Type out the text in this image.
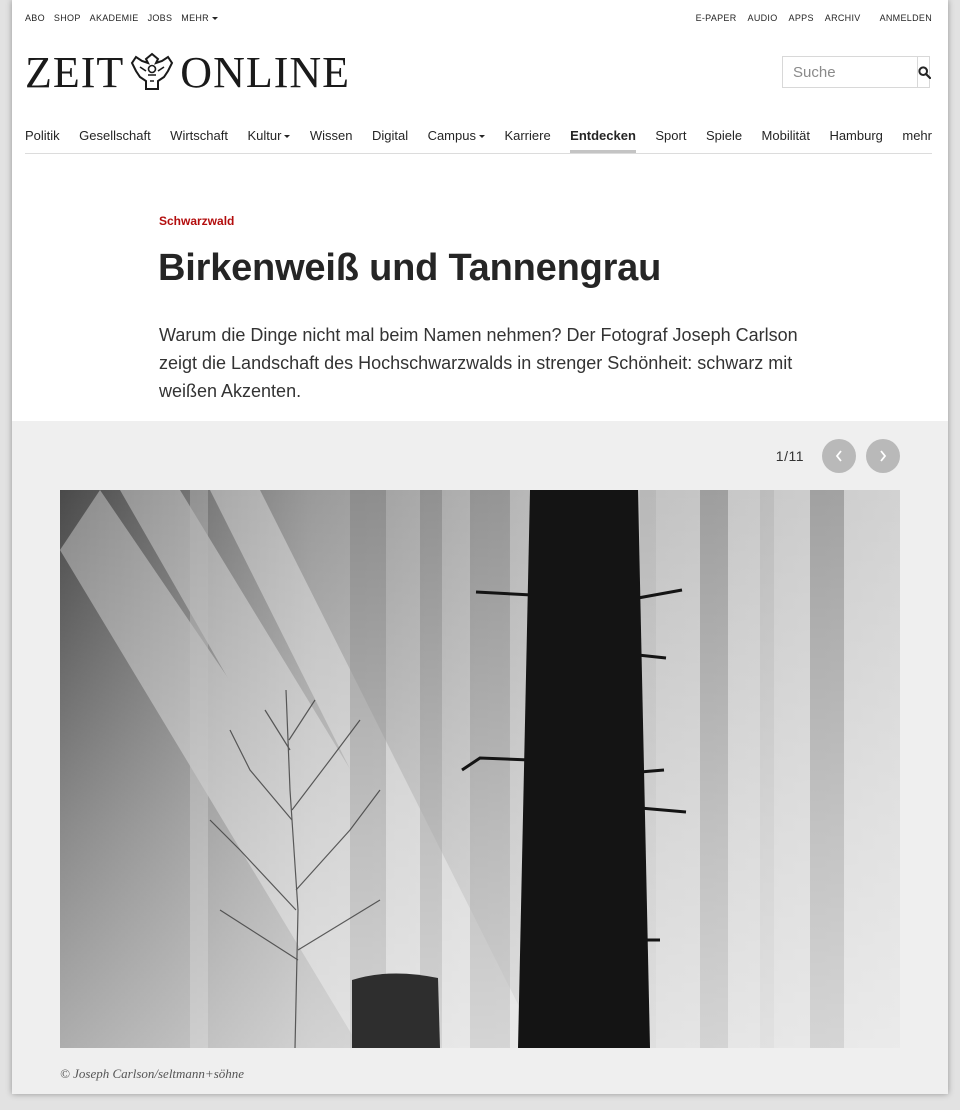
ABO SHOP AKADEMIE JOBS MEHR	E-PAPER AUDIO APPS ARCHIV ANMELDEN
ZEIT ONLINE
Suche
Politik Gesellschaft Wirtschaft Kultur	Wissen Digital Campus	Karriere Entdecken Sport Spiele Mobilität Hamburg mehr
Schwarzwald
Birkenweiß und Tannengrau

Warum die Dinge nicht mal beim Namen nehmen? Der Fotograf Joseph Carlson zeigt die Landschaft des Hochschwarzwalds in strenger Schönheit: schwarz mit weißen Akzenten.

1/11
© Joseph Carlson/seltmann+söhne
